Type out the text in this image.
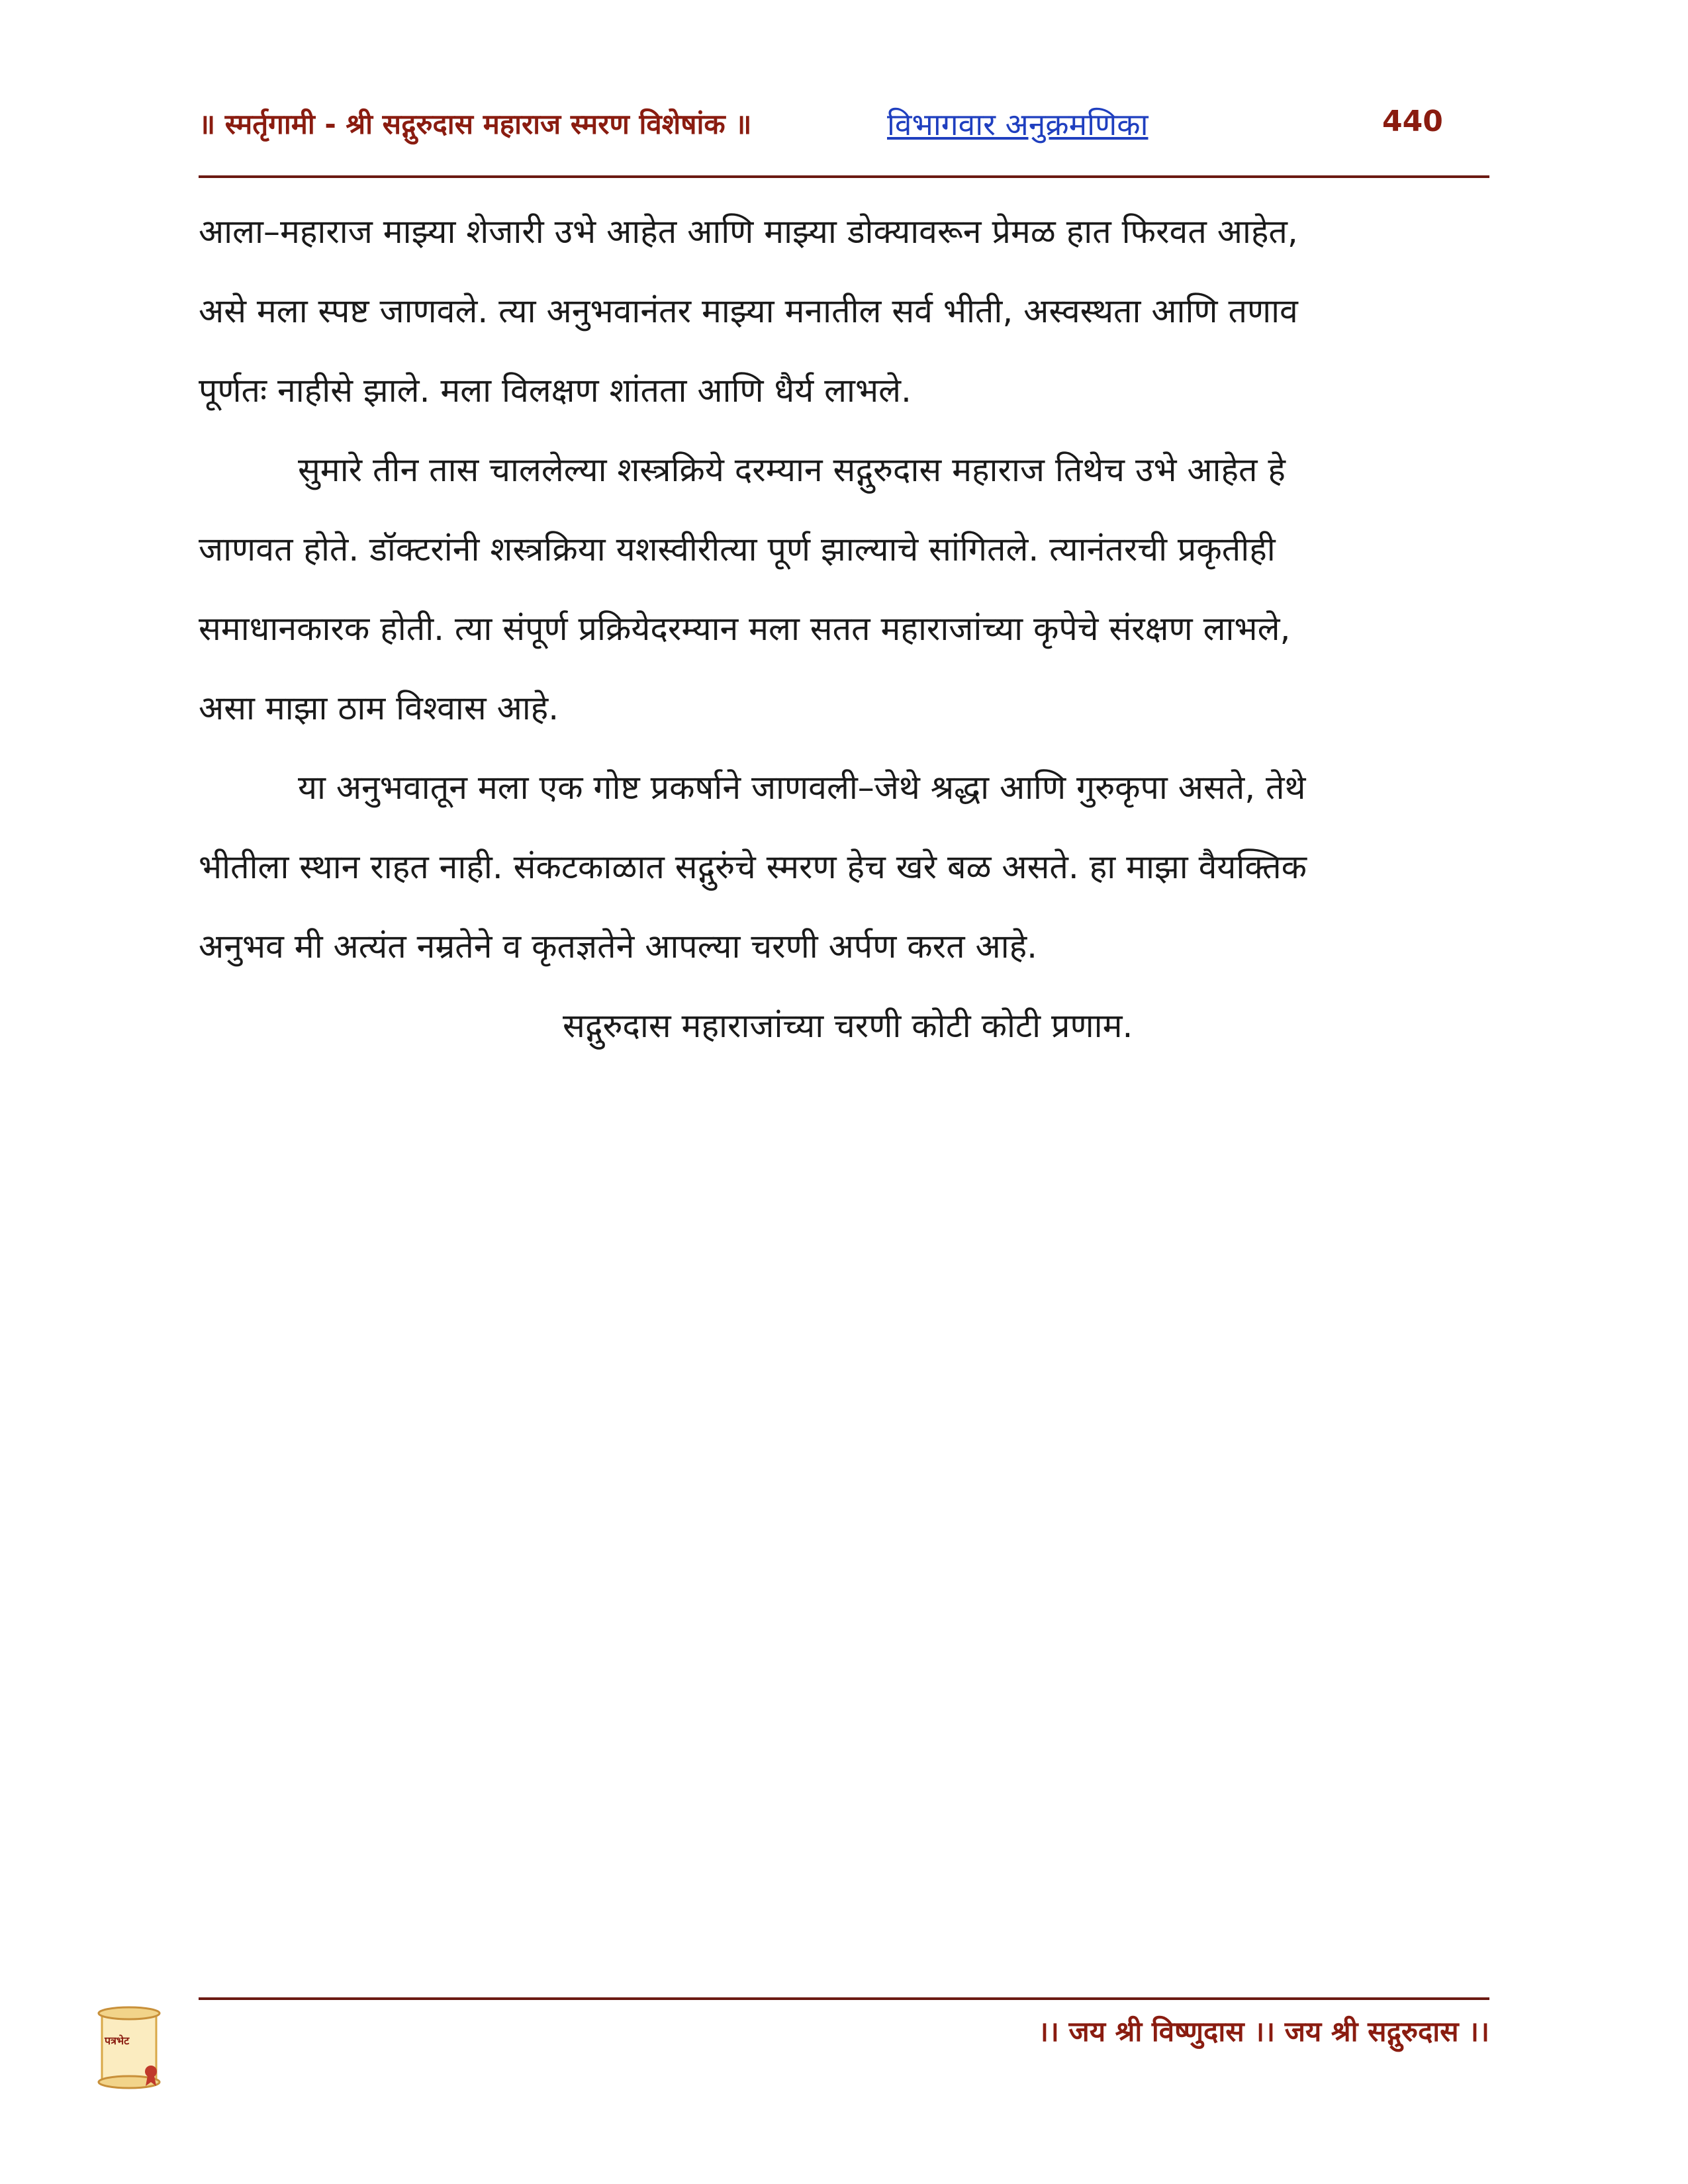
॥ स्मर्तृगामी - श्री सद्गुरुदास महाराज स्मरण विशेषांक ॥	विभागवार अनुक्रमणिका	440

आला–महाराज माझ्या शेजारी उभे आहेत आणि माझ्या डोक्यावरून प्रेमळ हात फिरवत आहेत,

असे मला स्पष्ट जाणवले. त्या अनुभवानंतर माझ्या मनातील सर्व भीती, अस्वस्थता आणि तणाव

पूर्णतः नाहीसे झाले. मला विलक्षण शांतता आणि धैर्य लाभले.

सुमारे तीन तास चाललेल्या शस्त्रक्रिये दरम्यान सद्गुरुदास महाराज तिथेच उभे आहेत हे

जाणवत होते. डॉक्टरांनी शस्त्रक्रिया यशस्वीरीत्या पूर्ण झाल्याचे सांगितले. त्यानंतरची प्रकृतीही

समाधानकारक होती. त्या संपूर्ण प्रक्रियेदरम्यान मला सतत महाराजांच्या कृपेचे संरक्षण लाभले,

असा माझा ठाम विश्वास आहे.

या अनुभवातून मला एक गोष्ट प्रकर्षाने जाणवली–जेथे श्रद्धा आणि गुरुकृपा असते, तेथे

भीतीला स्थान राहत नाही. संकटकाळात सद्गुरुंचे स्मरण हेच खरे बळ असते. हा माझा वैयक्तिक

अनुभव मी अत्यंत नम्रतेने व कृतज्ञतेने आपल्या चरणी अर्पण करत आहे.

सद्गुरुदास महाराजांच्या चरणी कोटी कोटी प्रणाम.

पत्रभेट	।। जय श्री विष्णुदास ।। जय श्री सद्गुरुदास ।।
